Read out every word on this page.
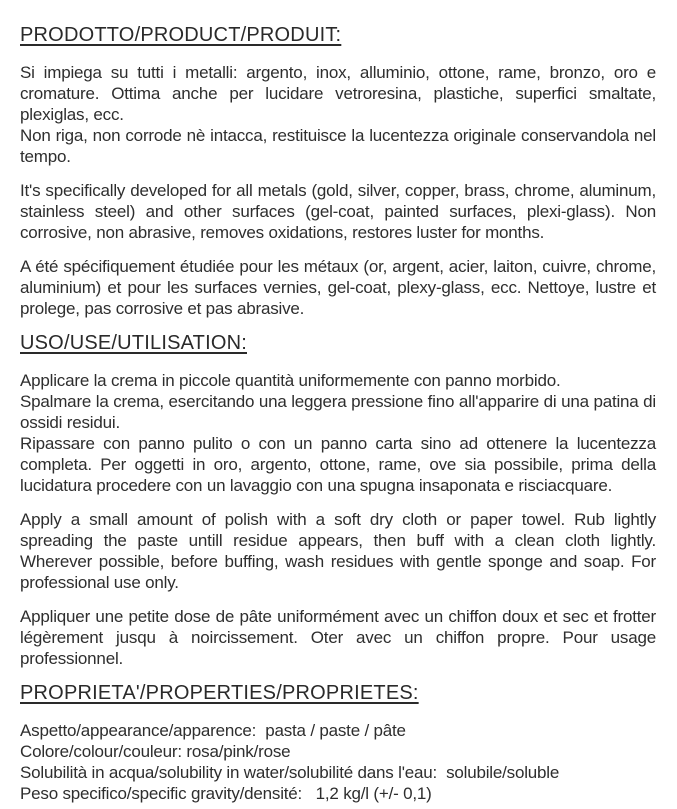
PRODOTTO/PRODUCT/PRODUIT:

Si impiega su tutti i metalli: argento, inox, alluminio, ottone, rame, bronzo, oro e cromature. Ottima anche per lucidare vetroresina, plastiche, superfici smaltate, plexiglas, ecc.
Non riga, non corrode nè intacca, restituisce la lucentezza originale conservandola nel tempo.

It's specifically developed for all metals (gold, silver, copper, brass, chrome, aluminum, stainless steel) and other surfaces (gel-coat, painted surfaces, plexi-glass). Non corrosive, non abrasive, removes oxidations, restores luster for months.

A été spécifiquement étudiée pour les métaux (or, argent, acier, laiton, cuivre, chrome, aluminium) et pour les surfaces vernies, gel-coat, plexy-glass, ecc. Nettoye, lustre et prolege, pas corrosive et pas abrasive.

USO/USE/UTILISATION:

Applicare la crema in piccole quantità uniformemente con panno morbido.
Spalmare la crema, esercitando una leggera pressione fino all'apparire di una patina di ossidi residui.
Ripassare con panno pulito o con un panno carta sino ad ottenere la lucentezza completa. Per oggetti in oro, argento, ottone, rame, ove sia possibile, prima della lucidatura procedere con un lavaggio con una spugna insaponata e risciacquare.

Apply a small amount of polish with a soft dry cloth or paper towel. Rub lightly spreading the paste untill residue appears, then buff with a clean cloth lightly. Wherever possible, before buffing, wash residues with gentle sponge and soap. For professional use only.

Appliquer une petite dose de pâte uniformément avec un chiffon doux et sec et frotter légèrement jusqu à noircissement. Oter avec un chiffon propre. Pour usage professionnel.

PROPRIETA'/PROPERTIES/PROPRIETES:

Aspetto/appearance/apparence:  pasta / paste / pâte
Colore/colour/couleur: rosa/pink/rose
Solubilità in acqua/solubility in water/solubilité dans l'eau:  solubile/soluble
Peso specifico/specific gravity/densité:   1,2 kg/l (+/- 0,1)
